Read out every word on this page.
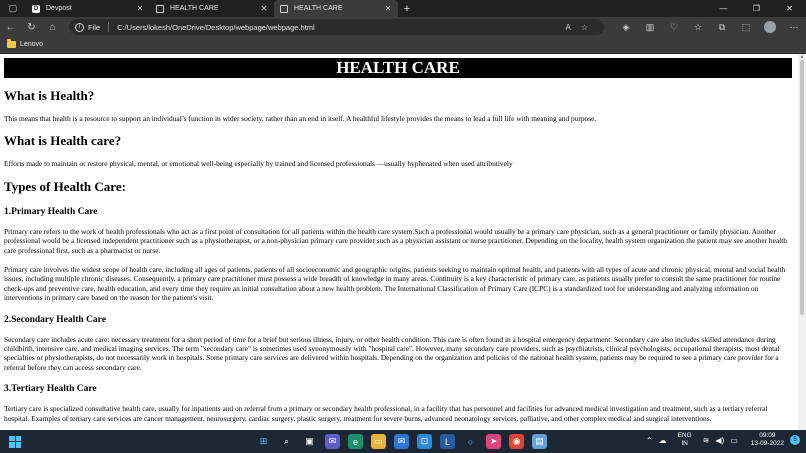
▢	D Devpost	✕	HEALTH CARE	✕	HEALTH CARE	✕	+	—	❐	✕
←	↻	⌂	i	File C:/Users/lokesh/OneDrive/Desktop/webpage/webpage.html	A☆	◈	▥	♡	☆	⧉	⬚	⋯
Lenovo
HEALTH CARE
What is Health?
This means that health is a resource to support an individual’s function in wider society, rather than an end in itself. A healthful lifestyle provides the means to lead a full life with meaning and purpose.
What is Health care?
Efforts made to maintain or restore physical, mental, or emotional well-being especially by trained and licensed professionals —usually hyphenated when used attributively
Types of Health Care:
1.Primary Health Care
Primary care refers to the work of health professionals who act as a first point of consultation for all patients within the health care system.Such a professional would usually be a primary care physician, such as a general practitioner or family physician. Another professional would be a licensed independent practitioner such as a physiotherapist, or a non-physician primary care provider such as a physician assistant or nurse practitioner. Depending on the locality, health system organization the patient may see another health care professional first, such as a pharmacist or nurse.
Primary care involves the widest scope of health care, including all ages of patients, patients of all socioeconomic and geographic origins, patients seeking to maintain optimal health, and patients with all types of acute and chronic physical, mental and social health issues, including multiple chronic diseases. Consequently, a primary care practitioner must possess a wide breadth of knowledge in many areas. Continuity is a key characteristic of primary care, as patients usually prefer to consult the same practitioner for routine check-ups and preventive care, health education, and every time they require an initial consultation about a new health problem. The International Classification of Primary Care (ICPC) is a standardized tool for understanding and analyzing information on interventions in primary care based on the reason for the patient's visit.
2.Secondary Health Care
Secondary care includes acute care: necessary treatment for a short period of time for a brief but serious illness, injury, or other health condition. This care is often found in a hospital emergency department. Secondary care also includes skilled attendance during childbirth, intensive care, and medical imaging services. The term "secondary care" is sometimes used synonymously with "hospital care". However, many secondary care providers, such as psychiatrists, clinical psychologists, occupational therapists, most dental specialties or physiotherapists, do not necessarily work in hospitals. Some primary care services are delivered within hospitals. Depending on the organization and policies of the national health system, patients may be required to see a primary care provider for a referral before they can access secondary care.
3.Tertiary Health Care
Tertiary care is specialized consultative health care, usually for inpatients and on referral from a primary or secondary health professional, in a facility that has personnel and facilities for advanced medical investigation and treatment, such as a tertiary referral hospital. Examples of tertiary care services are cancer management, neurosurgery, cardiac surgery, plastic surgery, treatment for severe burns, advanced neonatology services, palliative, and other complex medical and surgical interventions.
▲
⊞	⌕	▣	✉	e	▭	✉	⊡	L	○	➤	◉	▤	⌃ ☁ ENG
IN	≋ ◀) ▭	09:09
13-09-2022	5
